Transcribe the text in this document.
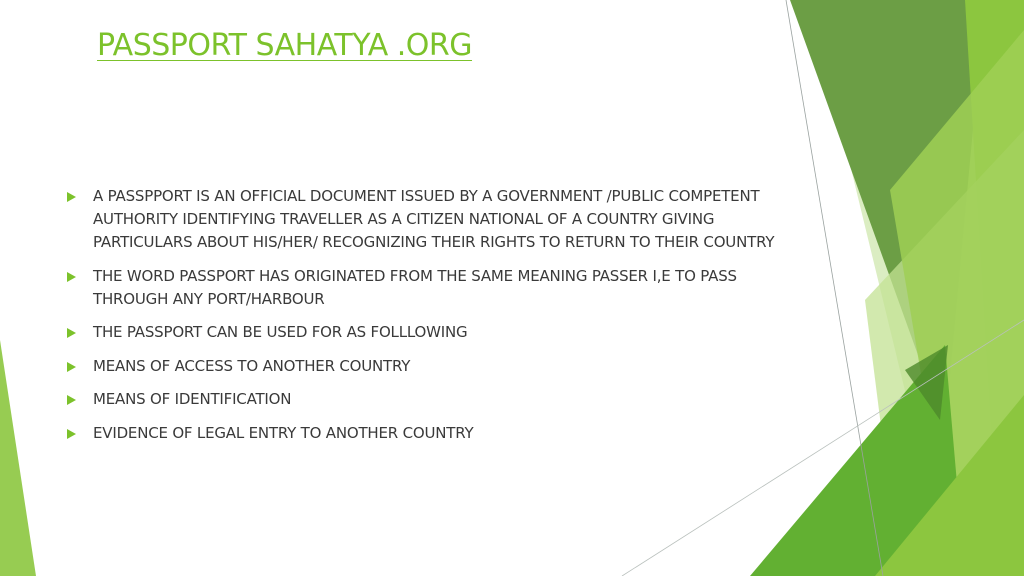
PASSPORT SAHATYA .ORG
A PASSPPORT IS AN OFFICIAL DOCUMENT ISSUED BY A GOVERNMENT /PUBLIC COMPETENT AUTHORITY IDENTIFYING TRAVELLER AS A CITIZEN NATIONAL OF A COUNTRY GIVING PARTICULARS ABOUT HIS/HER/ RECOGNIZING THEIR RIGHTS TO RETURN TO THEIR COUNTRY
THE WORD PASSPORT HAS ORIGINATED FROM THE SAME MEANING PASSER I,E TO PASS THROUGH ANY PORT/HARBOUR
THE PASSPORT CAN BE USED FOR AS FOLLLOWING
MEANS OF ACCESS TO ANOTHER COUNTRY
MEANS OF IDENTIFICATION
EVIDENCE OF LEGAL ENTRY TO ANOTHER COUNTRY
